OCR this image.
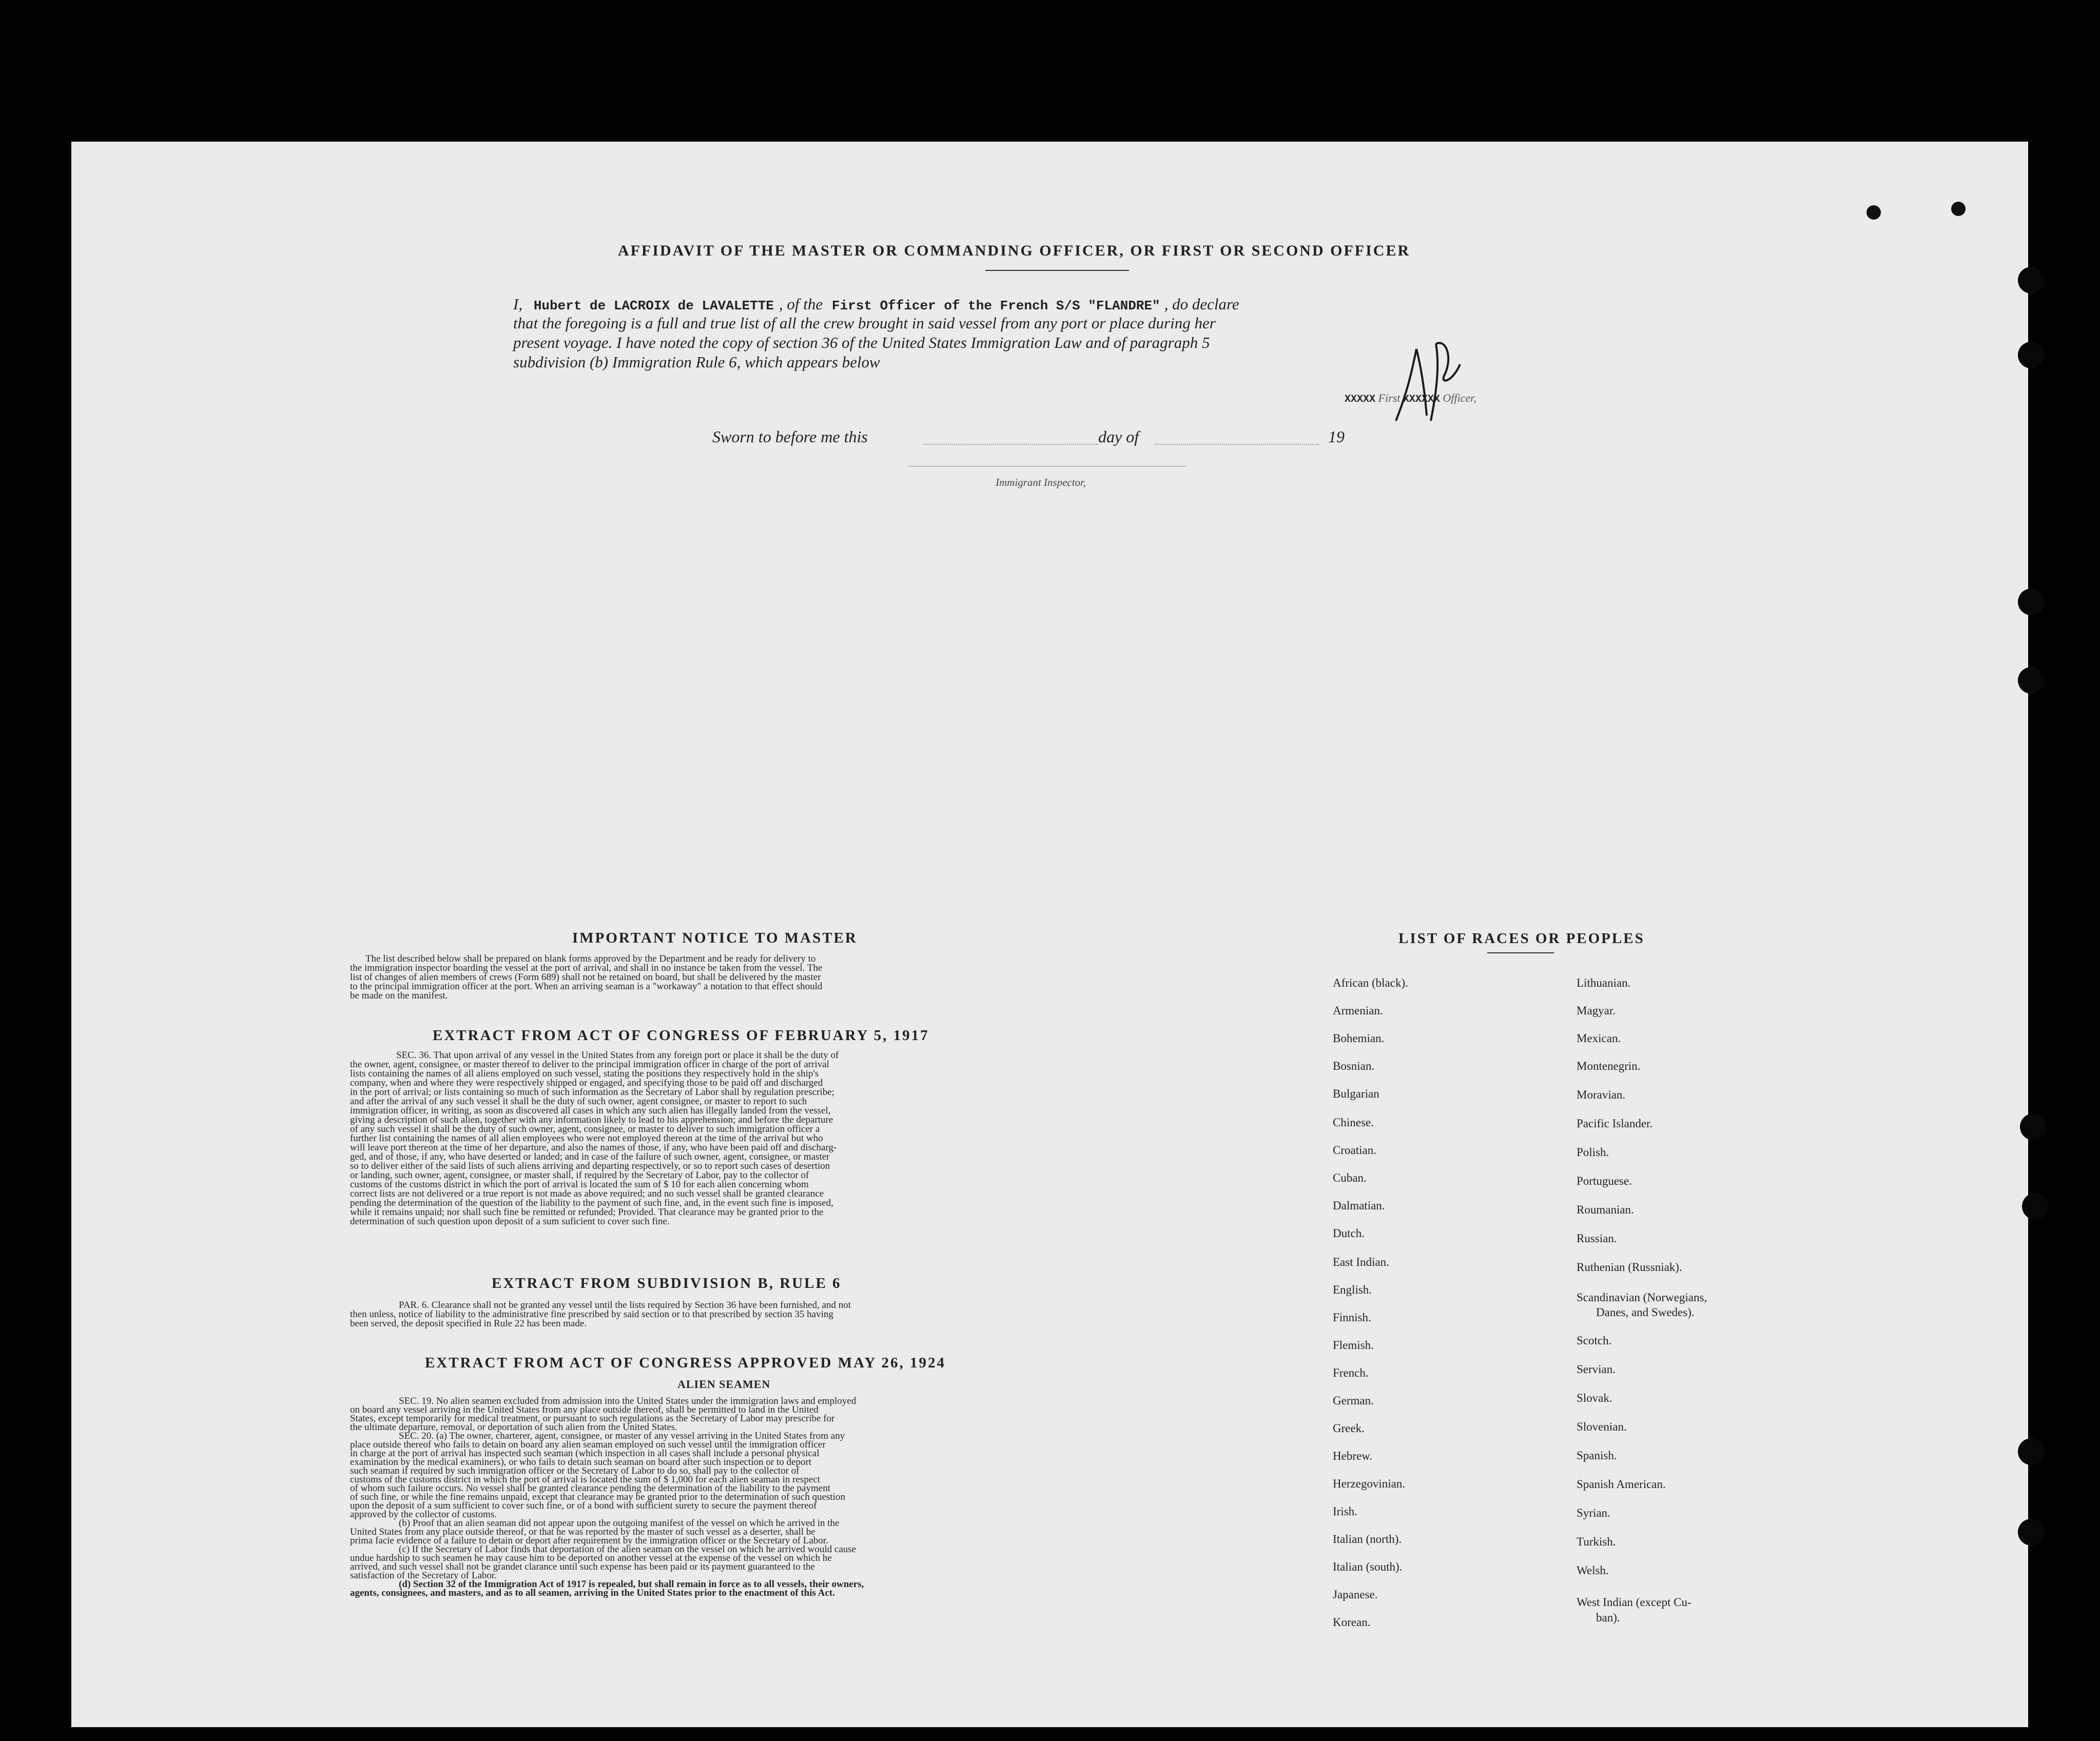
AFFIDAVIT OF THE MASTER OR COMMANDING OFFICER, OR FIRST OR SECOND OFFICER
I, Hubert de LACROIX de LAVALETTE , of the First Officer of the French S/S "FLANDRE" , do declare
that the foregoing is a full and true list of all the crew brought in said vessel from any port or place during her
present voyage. I have noted the copy of section 36 of the United States Immigration Law and of paragraph 5
subdivision (b) Immigration Rule 6, which appears below
XXXXX First XXXXXX Officer,
Sworn to before me this	day of	19
Immigrant Inspector,
IMPORTANT NOTICE TO MASTER
The list described below shall be prepared on blank forms approved by the Department and be ready for delivery to
the immigration inspector boarding the vessel at the port of arrival, and shall in no instance be taken from the vessel. The
list of changes of alien members of crews (Form 689) shall not be retained on board, but shall be delivered by the master
to the principal immigration officer at the port. When an arriving seaman is a "workaway" a notation to that effect should
be made on the manifest.
EXTRACT FROM ACT OF CONGRESS OF FEBRUARY 5, 1917
SEC. 36. That upon arrival of any vessel in the United States from any foreign port or place it shall be the duty of
the owner, agent, consignee, or master thereof to deliver to the principal immigration officer in charge of the port of arrival
lists containing the names of all aliens employed on such vessel, stating the positions they respectively hold in the ship's
company, when and where they were respectively shipped or engaged, and specifying those to be paid off and discharged
in the port of arrival; or lists containing so much of such information as the Secretary of Labor shall by regulation prescribe;
and after the arrival of any such vessel it shall be the duty of such owner, agent consignee, or master to report to such
immigration officer, in writing, as soon as discovered all cases in which any such alien has illegally landed from the vessel,
giving a description of such alien, together with any information likely to lead to his apprehension; and before the departure
of any such vessel it shall be the duty of such owner, agent, consignee, or master to deliver to such immigration officer a
further list containing the names of all alien employees who were not employed thereon at the time of the arrival but who
will leave port thereon at the time of her departure, and also the names of those, if any, who have been paid off and discharg-
ged, and of those, if any, who have deserted or landed; and in case of the failure of such owner, agent, consignee, or master
so to deliver either of the said lists of such aliens arriving and departing respectively, or so to report such cases of desertion
or landing, such owner, agent, consignee, or master shall, if required by the Secretary of Labor, pay to the collector of
customs of the customs district in which the port of arrival is located the sum of $ 10 for each alien concerning whom
correct lists are not delivered or a true report is not made as above required; and no such vessel shall be granted clearance
pending the determination of the question of the liability to the payment of such fine, and, in the event such fine is imposed,
while it remains unpaid; nor shall such fine be remitted or refunded; Provided. That clearance may be granted prior to the
determination of such question upon deposit of a sum suficient to cover such fine.
EXTRACT FROM SUBDIVISION B, RULE 6
PAR. 6. Clearance shall not be granted any vessel until the lists required by Section 36 have been furnished, and not
then unless, notice of liability to the administrative fine prescribed by said section or to that prescribed by section 35 having
been served, the deposit specified in Rule 22 has been made.
EXTRACT FROM ACT OF CONGRESS APPROVED MAY 26, 1924
ALIEN SEAMEN
SEC. 19. No alien seamen excluded from admission into the United States under the immigration laws and employed
on board any vessel arriving in the United States from any place outside thereof, shall be permitted to land in the United
States, except temporarily for medical treatment, or pursuant to such regulations as the Secretary of Labor may prescribe for
the ultimate departure, removal, or deportation of such alien from the United States.
SEC. 20. (a) The owner, charterer, agent, consignee, or master of any vessel arriving in the United States from any
place outside thereof who fails to detain on board any alien seaman employed on such vessel until the immigration officer
in charge at the port of arrival has inspected such seaman (which inspection in all cases shall include a personal physical
examination by the medical examiners), or who fails to detain such seaman on board after such inspection or to deport
such seaman if required by such immigration officer or the Secretary of Labor to do so, shall pay to the collector of
customs of the customs district in which the port of arrival is located the sum of $ 1,000 for each alien seaman in respect
of whom such failure occurs. No vessel shall be granted clearance pending the determination of the liability to the payment
of such fine, or while the fine remains unpaid, except that clearance may be granted prior to the determination of such question
upon the deposit of a sum sufficient to cover such fine, or of a bond with sufficient surety to secure the payment thereof
approved by the collector of customs.
(b) Proof that an alien seaman did not appear upon the outgoing manifest of the vessel on which he arrived in the
United States from any place outside thereof, or that he was reported by the master of such vessel as a deserter, shall be
prima facie evidence of a failure to detain or deport after requirement by the immigration officer or the Secretary of Labor.
(c) If the Secretary of Labor finds that deportation of the alien seaman on the vessel on which he arrived would cause
undue hardship to such seamen he may cause him to be deported on another vessel at the expense of the vessel on which he
arrived, and such vessel shall not be grandet clarance until such expense has been paid or its payment guaranteed to the
satisfaction of the Secretary of Labor.
(d) Section 32 of the Immigration Act of 1917 is repealed, but shall remain in force as to all vessels, their owners,
agents, consignees, and masters, and as to all seamen, arriving in the United States prior to the enactment of this Act.
LIST OF RACES OR PEOPLES
African (black).
Armenian.
Bohemian.
Bosnian.
Bulgarian
Chinese.
Croatian.
Cuban.
Dalmatian.
Dutch.
East Indian.
English.
Finnish.
Flemish.
French.
German.
Greek.
Hebrew.
Herzegovinian.
Irish.
Italian (north).
Italian (south).
Japanese.
Korean.
Lithuanian.
Magyar.
Mexican.
Montenegrin.
Moravian.
Pacific Islander.
Polish.
Portuguese.
Roumanian.
Russian.
Ruthenian (Russniak).
Scandinavian (Norwegians,
Danes, and Swedes).
Scotch.
Servian.
Slovak.
Slovenian.
Spanish.
Spanish American.
Syrian.
Turkish.
Welsh.
West Indian (except Cu-
ban).
